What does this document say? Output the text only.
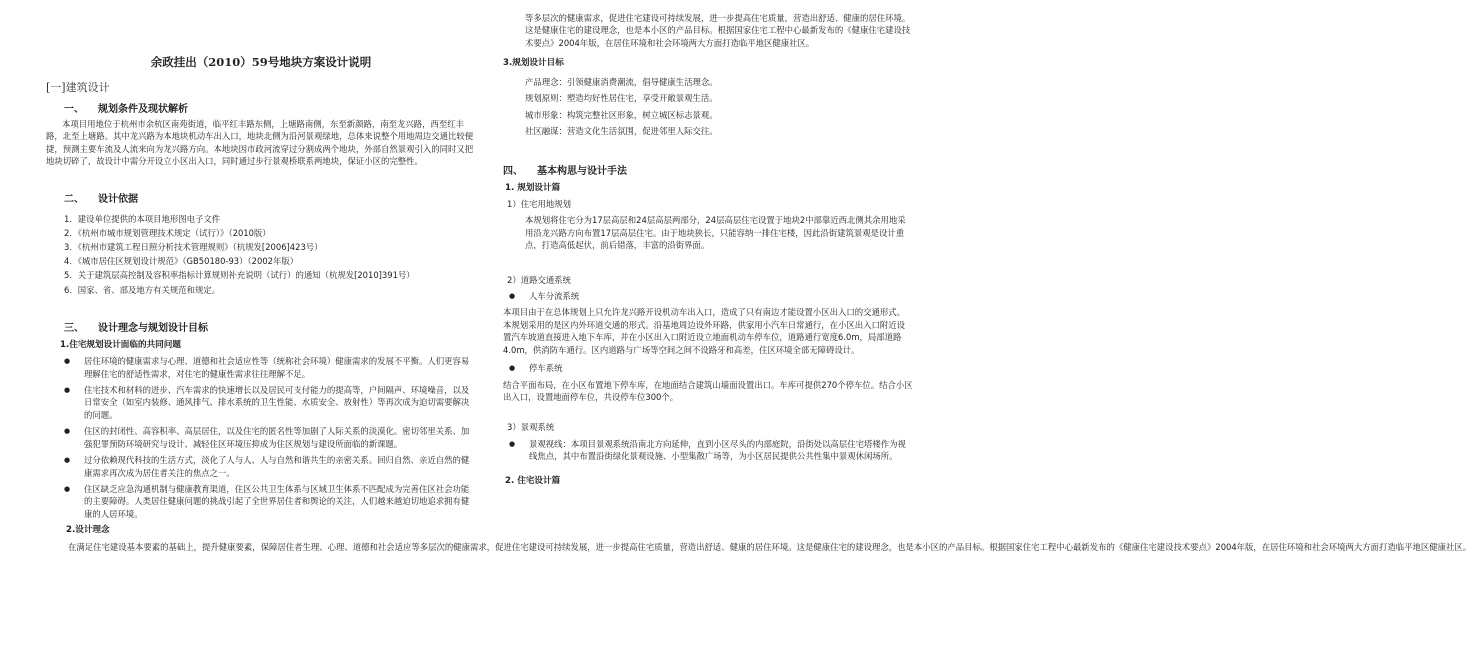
余政挂出（2010）59号地块方案设计说明
[一]建筑设计
一、 规划条件及现状解析

本项目用地位于杭州市余杭区南苑街道，临平红丰路东侧，上塘路南侧，东至新颜路，南至龙兴路，西至红丰路，北至上塘路。其中龙兴路为本地块机动车出入口，地块北侧为沿河景观绿地，总体来说整个用地周边交通比较便捷，预测主要车流及人流来向为龙兴路方向。本地块因市政河流穿过分割成两个地块，外部自然景观引入的同时又把地块切碎了，故设计中需分开设立小区出入口，同时通过步行景观桥联系两地块，保证小区的完整性。

二、 设计依据
1．建设单位提供的本项目地形图电子文件
2．《杭州市城市规划管理技术规定（试行）》（2010版）
3．《杭州市建筑工程日照分析技术管理规则》（杭规发[2006]423号）
4．《城市居住区规划设计规范》（GB50180-93）（2002年版）
5．关于建筑层高控制及容积率指标计算规则补充说明（试行）的通知（杭规发[2010]391号）
6．国家、省、部及地方有关规范和规定。
三、 设计理念与规划设计目标
1.住宅规划设计面临的共同问题
● 居住环境的健康需求与心理、道德和社会适应性等（统称社会环境）健康需求的发展不平衡。人们更容易理解住宅的舒适性需求，对住宅的健康性需求往往理解不足。
● 住宅技术和材料的进步、汽车需求的快速增长以及居民可支付能力的提高等，户间隔声、环境噪音，以及日常安全（如室内装修、通风排气、排水系统的卫生性能、水质安全、放射性）等再次成为迫切需要解决的问题。
● 住区的封闭性、高容积率、高层居住，以及住宅的匿名性等加剧了人际关系的淡漠化。密切邻里关系、加强犯罪预防环境研究与设计、减轻住区环境压抑成为住区规划与建设所面临的新课题。
● 过分依赖现代科技的生活方式，淡化了人与人、人与自然和谐共生的亲密关系。回归自然、亲近自然的健康需求再次成为居住者关注的焦点之一。
● 住区缺乏应急沟通机制与健康教育渠道，住区公共卫生体系与区域卫生体系不匹配成为完善住区社会功能的主要障碍。人类居住健康问题的挑战引起了全世界居住者和舆论的关注，人们越来越迫切地追求拥有健康的人居环境。
2.设计理念
在满足住宅建设基本要素的基础上，提升健康要素，保障居住者生理、心理、道德和社会适应等多层次的健康需求，促进住宅建设可持续发展，进一步提高住宅质量，营造出舒适、健康的居住环境。这是健康住宅的建设理念，也是本小区的产品目标。根据国家住宅工程中心最新发布的《健康住宅建设技术要点》2004年版，在居住环境和社会环境两大方面打造临平地区健康社区。
等多层次的健康需求，促进住宅建设可持续发展，进一步提高住宅质量，营造出舒适、健康的居住环境。这是健康住宅的建设理念，也是本小区的产品目标。根据国家住宅工程中心最新发布的《健康住宅建设技术要点》2004年版，在居住环境和社会环境两大方面打造临平地区健康社区。
3.规划设计目标
产品理念：引领健康消费潮流，倡导健康生活理念。
规划原则：塑造均好性居住宅，享受开敞景观生活。
城市形象：构筑完整社区形象，树立城区标志景观。
社区融谋：营造文化生活氛围，促进邻里人际交往。
四、 基本构思与设计手法
1. 规划设计篇
1）住宅用地规划
本规划将住宅分为17层高层和24层高层两部分，24层高层住宅设置于地块2中部靠近西北侧其余用地采用沿龙兴路方向布置17层高层住宅。由于地块狭长，只能容纳一排住宅楼，因此沿街建筑景观是设计重点，打造高低起伏，前后错落，丰富的沿街界面。
2）道路交通系统
● 人车分流系统
本项目由于在总体规划上只允许龙兴路开设机动车出入口，造成了只有南边才能设置小区出入口的交通形式。本规划采用的是区内外环道交通的形式。沿基地周边设外环路，供家用小汽车日常通行，在小区出入口附近设置汽车坡道直接进入地下车库，并在小区出入口附近设立地面机动车停车位，道路通行宽度6.0m，局部道路4.0m，供消防车通行。区内道路与广场等空间之间不设路牙和高差，住区环境全部无障碍设计。
● 停车系统
结合平面布局，在小区布置地下停车库，在地面结合建筑山墙面设置出口。车库可提供270个停车位。结合小区出入口，设置地面停车位，共设停车位300个。
3）景观系统
● 景观视线：本项目景观系统沿南北方向延伸，直到小区尽头的内部庭院，沿街处以高层住宅塔楼作为视线焦点，其中布置沿街绿化景观设施、小型集散广场等，为小区居民提供公共性集中景观休闲场所。
2. 住宅设计篇
